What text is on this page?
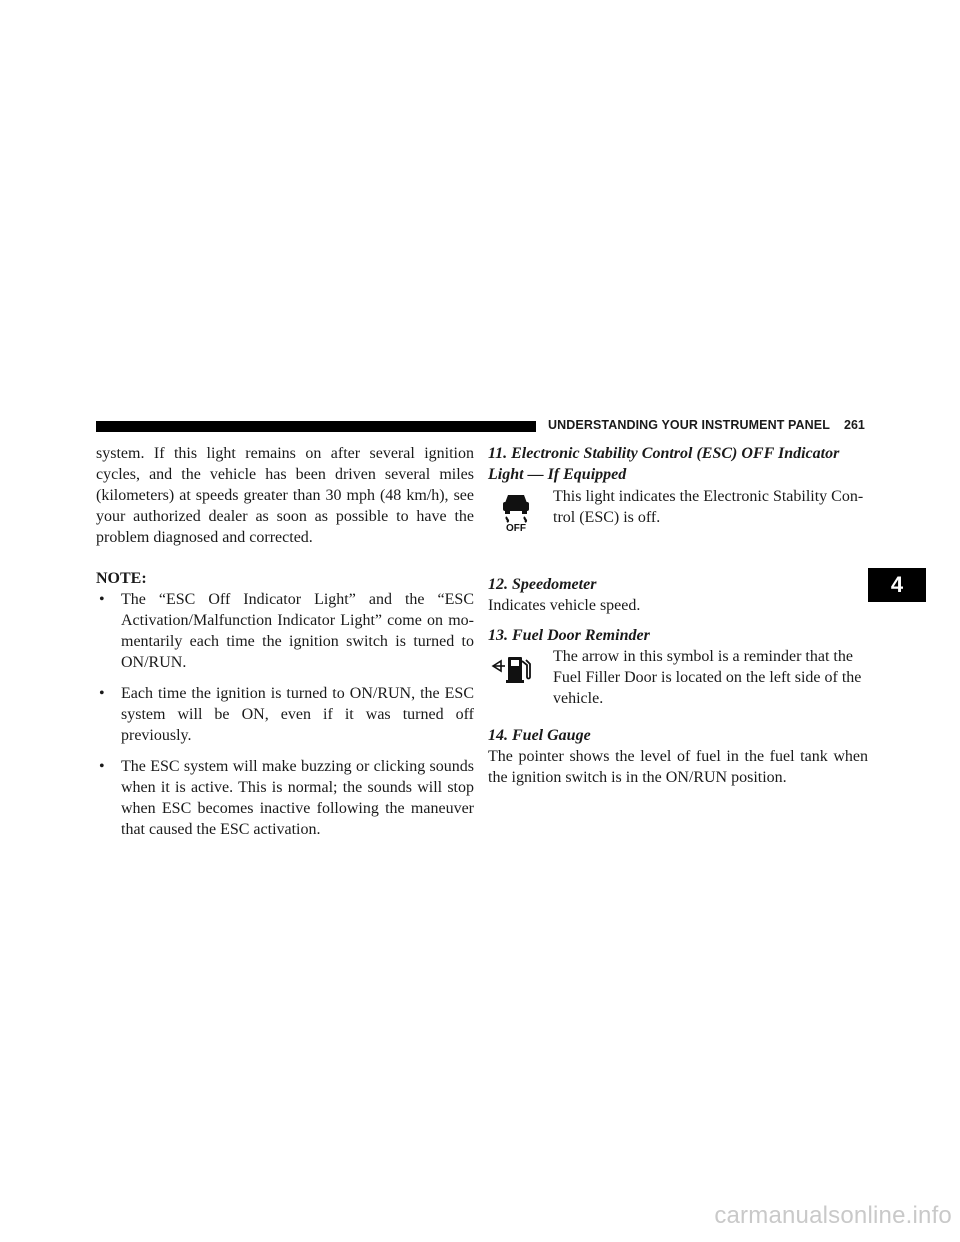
UNDERSTANDING YOUR INSTRUMENT PANEL 261

system. If this light remains on after several ignition cycles, and the vehicle has been driven several miles (kilometers) at speeds greater than 30 mph (48 km/h), see your authorized dealer as soon as possible to have the problem diagnosed and corrected.

NOTE:

• The “ESC Off Indicator Light” and the “ESC Activation/Malfunction Indicator Light” come on mo-mentarily each time the ignition switch is turned to ON/RUN.
• Each time the ignition is turned to ON/RUN, the ESC system will be ON, even if it was turned off previously.
• The ESC system will make buzzing or clicking sounds when it is active. This is normal; the sounds will stop when ESC becomes inactive following the maneuver that caused the ESC activation.

11. Electronic Stability Control (ESC) OFF Indicator Light — If Equipped

OFF

This light indicates the Electronic Stability Con-trol (ESC) is off.

12. Speedometer

Indicates vehicle speed.

13. Fuel Door Reminder

The arrow in this symbol is a reminder that the Fuel Filler Door is located on the left side of the vehicle.

14. Fuel Gauge

The pointer shows the level of fuel in the fuel tank when the ignition switch is in the ON/RUN position.

4
carmanualsonline.info
